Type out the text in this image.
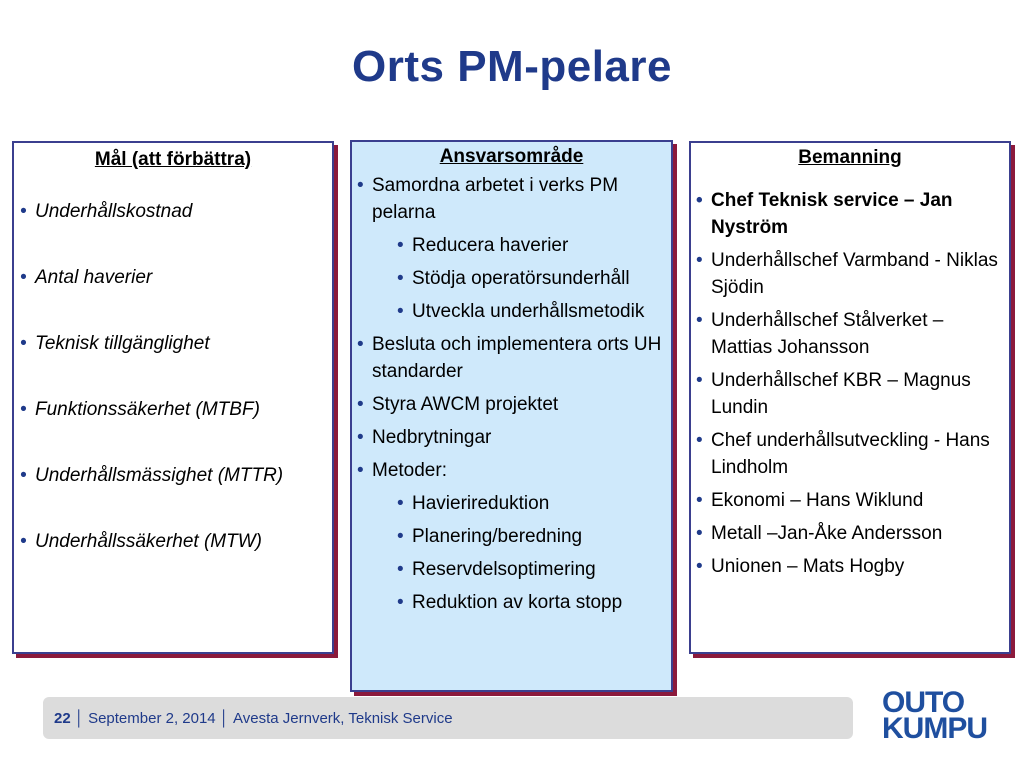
Orts PM-pelare
Mål (att förbättra)
• Underhållskostnad
• Antal haverier
• Teknisk tillgänglighet
• Funktionssäkerhet (MTBF)
• Underhållsmässighet (MTTR)
• Underhållssäkerhet (MTW)
Ansvarsområde
• Samordna arbetet i verks PM pelarna
• Reducera haverier
• Stödja operatörsunderhåll
• Utveckla underhållsmetodik
• Besluta och implementera orts UH standarder
• Styra AWCM projektet
• Nedbrytningar
• Metoder:
• Havierireduktion
• Planering/beredning
• Reservdelsoptimering
• Reduktion av korta stopp
Bemanning
• Chef Teknisk service – Jan Nyström
• Underhållschef Varmband - Niklas Sjödin
• Underhållschef Stålverket – Mattias Johansson
• Underhållschef KBR – Magnus Lundin
• Chef underhållsutveckling - Hans Lindholm
• Ekonomi – Hans Wiklund
• Metall –Jan-Åke Andersson
• Unionen – Mats Hogby
22 │ September 2, 2014 │ Avesta Jernverk, Teknisk Service	OUTO
KUMPU
